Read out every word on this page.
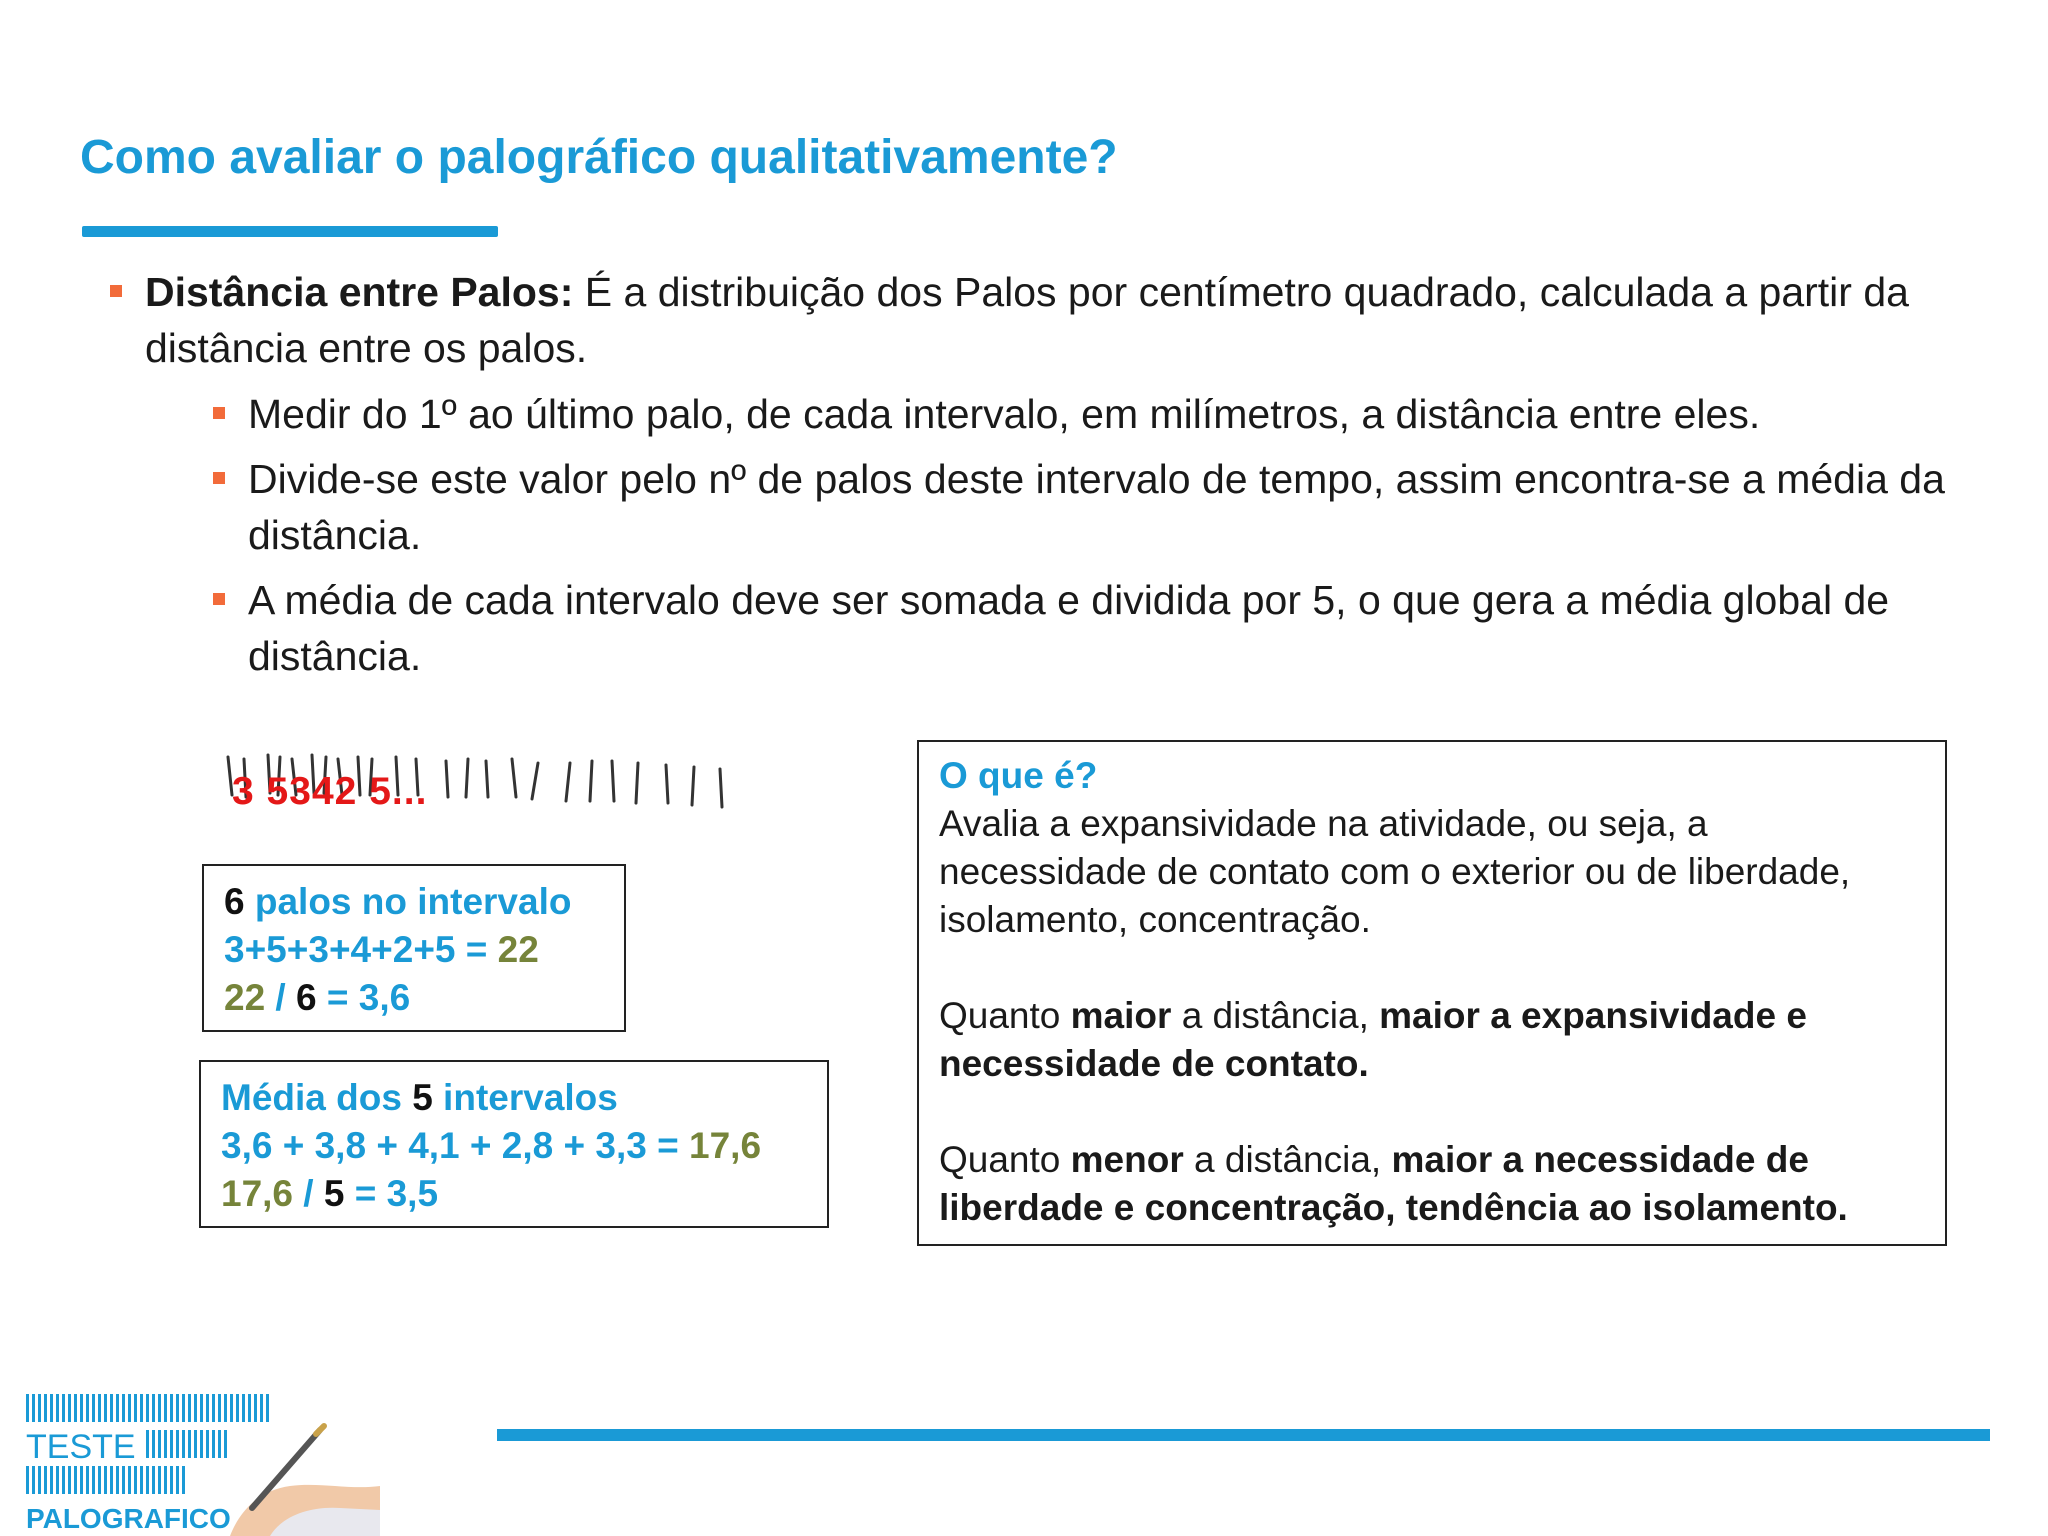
Como avaliar o palográfico qualitativamente?
Distância entre Palos: É a distribuição dos Palos por centímetro quadrado, calculada a partir da distância entre os palos.
Medir do 1º ao último palo, de cada intervalo, em milímetros, a distância entre eles.
Divide-se este valor pelo nº de palos deste intervalo de tempo, assim encontra-se a média da distância.
A média de cada intervalo deve ser somada e dividida por 5, o que gera a média global de distância.
3 5342 5...
6 palos no intervalo
3+5+3+4+2+5 = 22
22 / 6 = 3,6
Média dos 5 intervalos
3,6 + 3,8 + 4,1 + 2,8 + 3,3 = 17,6
17,6 / 5 = 3,5
O que é?
Avalia a expansividade na atividade, ou seja, a necessidade de contato com o exterior ou de liberdade, isolamento, concentração.
Quanto maior a distância, maior a expansividade e necessidade de contato.
Quanto menor a distância, maior a necessidade de liberdade e concentração, tendência ao isolamento.
TESTE
PALOGRAFICO
